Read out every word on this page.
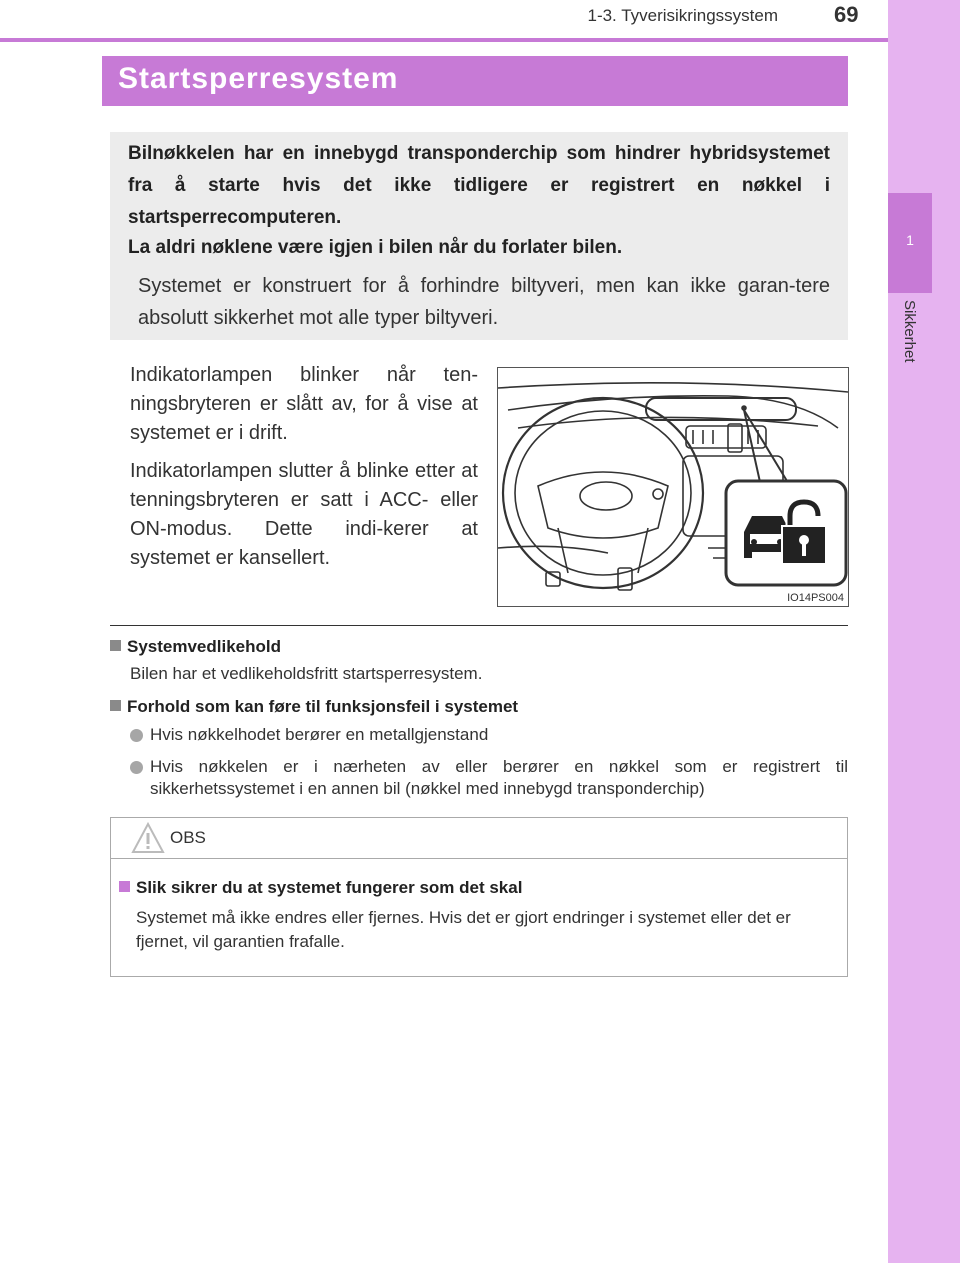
1-3. Tyverisikringssystem	69
1
Sikkerhet
Startsperresystem
Bilnøkkelen har en innebygd transponderchip som hindrer hybridsystemet fra å starte hvis det ikke tidligere er registrert en nøkkel i startsperrecomputeren.
La aldri nøklene være igjen i bilen når du forlater bilen.
Systemet er konstruert for å forhindre biltyveri, men kan ikke garan-tere absolutt sikkerhet mot alle typer biltyveri.
Indikatorlampen blinker når ten-ningsbryteren er slått av, for å vise at systemet er i drift.
Indikatorlampen slutter å blinke etter at tenningsbryteren er satt i ACC- eller ON-modus. Dette indi-kerer at systemet er kansellert.
IO14PS004
Systemvedlikehold
Bilen har et vedlikeholdsfritt startsperresystem.
Forhold som kan føre til funksjonsfeil i systemet
Hvis nøkkelhodet berører en metallgjenstand
Hvis nøkkelen er i nærheten av eller berører en nøkkel som er registrert til sikkerhetssystemet i en annen bil (nøkkel med innebygd transponderchip)
OBS
Slik sikrer du at systemet fungerer som det skal
Systemet må ikke endres eller fjernes. Hvis det er gjort endringer i systemet eller det er fjernet, vil garantien frafalle.
